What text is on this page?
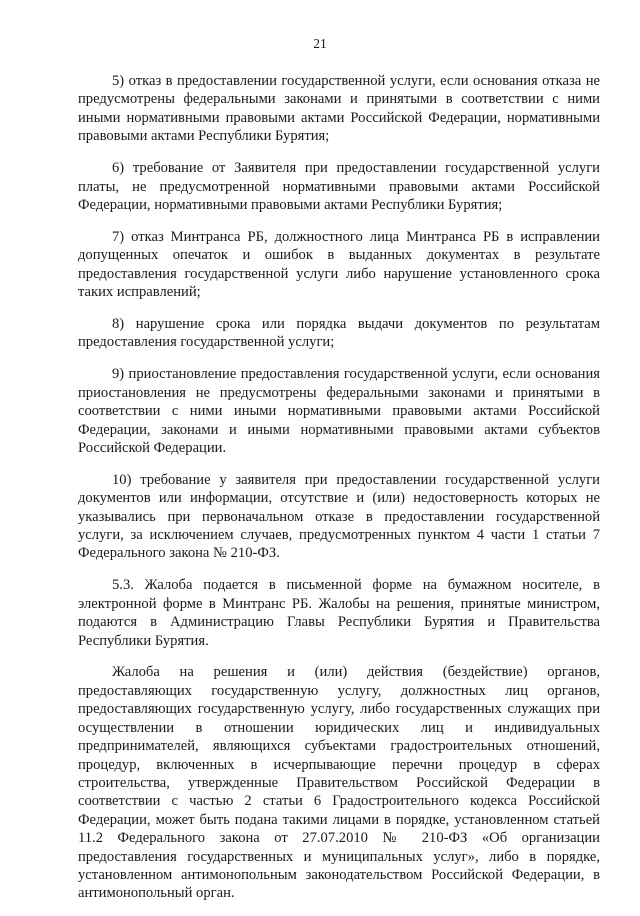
21

5) отказ в предоставлении государственной услуги, если основания отказа не предусмотрены федеральными законами и принятыми в соответствии с ними иными нормативными правовыми актами Российской Федерации, нормативными правовыми актами Республики Бурятия;

6) требование от Заявителя при предоставлении государственной услуги платы, не предусмотренной нормативными правовыми актами Российской Федерации, нормативными правовыми актами Республики Бурятия;

7) отказ Минтранса РБ, должностного лица Минтранса РБ в исправлении допущенных опечаток и ошибок в выданных документах в результате предоставления государственной услуги либо нарушение установленного срока таких исправлений;

8) нарушение срока или порядка выдачи документов по результатам предоставления государственной услуги;

9) приостановление предоставления государственной услуги, если основания приостановления не предусмотрены федеральными законами и принятыми в соответствии с ними иными нормативными правовыми актами Российской Федерации, законами и иными нормативными правовыми актами субъектов Российской Федерации.

10) требование у заявителя при предоставлении государственной услуги документов или информации, отсутствие и (или) недостоверность которых не указывались при первоначальном отказе в предоставлении государственной услуги, за исключением случаев, предусмотренных пунктом 4 части 1 статьи 7 Федерального закона № 210-ФЗ.

5.3. Жалоба подается в письменной форме на бумажном носителе, в электронной форме в Минтранс РБ. Жалобы на решения, принятые министром, подаются в Администрацию Главы Республики Бурятия и Правительства Республики Бурятия.

Жалоба на решения и (или) действия (бездействие) органов, предоставляющих государственную услугу, должностных лиц органов, предоставляющих государственную услугу, либо государственных служащих при осуществлении в отношении юридических лиц и индивидуальных предпринимателей, являющихся субъектами градостроительных отношений, процедур, включенных в исчерпывающие перечни процедур в сферах строительства, утвержденные Правительством Российской Федерации в соответствии с частью 2 статьи 6 Градостроительного кодекса Российской Федерации, может быть подана такими лицами в порядке, установленном статьей 11.2 Федерального закона от 27.07.2010 № 210-ФЗ «Об организации предоставления государственных и муниципальных услуг», либо в порядке, установленном антимонопольным законодательством Российской Федерации, в антимонопольный орган.
